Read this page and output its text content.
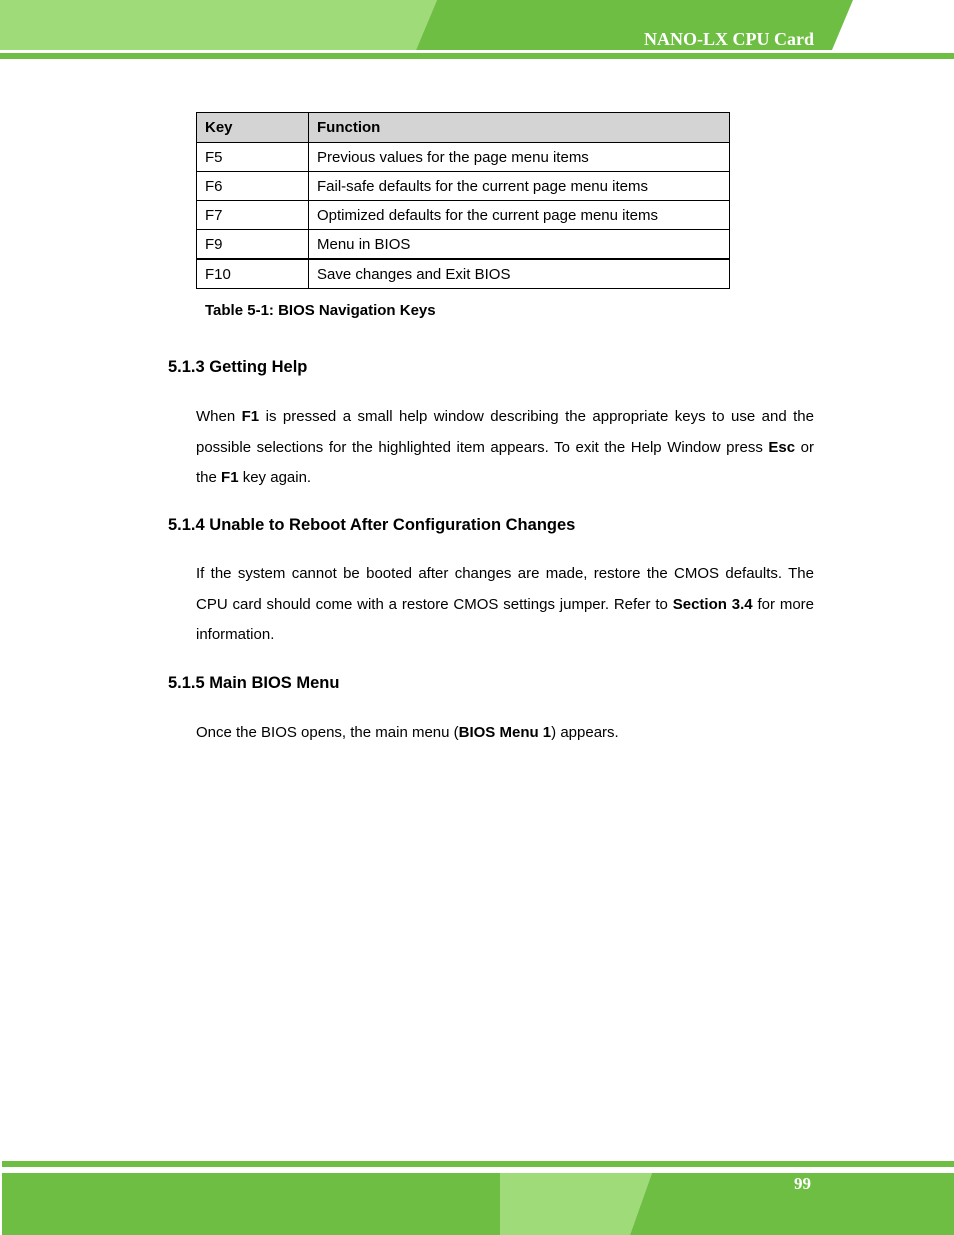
NANO-LX CPU Card
Key	Function
F5	Previous values for the page menu items
F6	Fail-safe defaults for the current page menu items
F7	Optimized defaults for the current page menu items
F9	Menu in BIOS
F10	Save changes and Exit BIOS
Table 5-1: BIOS Navigation Keys
5.1.3 Getting Help
When F1 is pressed a small help window describing the appropriate keys to use and the possible selections for the highlighted item appears. To exit the Help Window press Esc or the F1 key again.
5.1.4 Unable to Reboot After Configuration Changes
If the system cannot be booted after changes are made, restore the CMOS defaults. The CPU card should come with a restore CMOS settings jumper. Refer to Section 3.4 for more information.
5.1.5 Main BIOS Menu
Once the BIOS opens, the main menu (BIOS Menu 1) appears.
99
